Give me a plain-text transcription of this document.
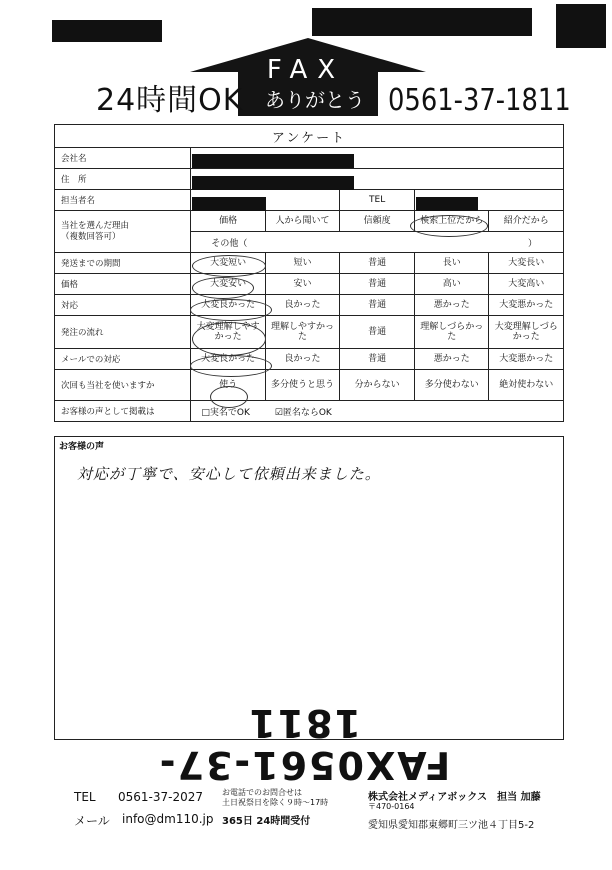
FAX
ありがとう
24時間OK	0561-37-1811
アンケート					
会社名					
住　所					
担当者名			TEL		
当社を選んだ理由
（複数回答可）	価格	人から聞いて	信頼度	検索上位だから	紹介だから
	その他（ ）				

発送までの期間	大変短い	短い	普通	長い	大変長い
価格	大変安い	安い	普通	高い	大変高い
対応	大変良かった	良かった	普通	悪かった	大変悪かった
発注の流れ	大変理解しやすかった	理解しやすかった	普通	理解しづらかった	大変理解しづらかった
メールでの対応	大変良かった	良かった	普通	悪かった	大変悪かった
次回も当社を使いますか	使う	多分使うと思う	分からない	多分使わない	絶対使わない
お客様の声として掲載は	□実名でOK ☑匿名ならOK				
お客様の声
対応が丁寧で、安心して依頼出来ました。
FAX0561-37-1811
TEL 0561-37-2027 お電話でのお問合せは
土日祝祭日を除く９時～17時
メール info@dm110.jp 365日 24時間受付
株式会社メディアボックス　担当 加藤
〒470-0164
愛知県愛知郡東郷町三ツ池４丁目5-2
